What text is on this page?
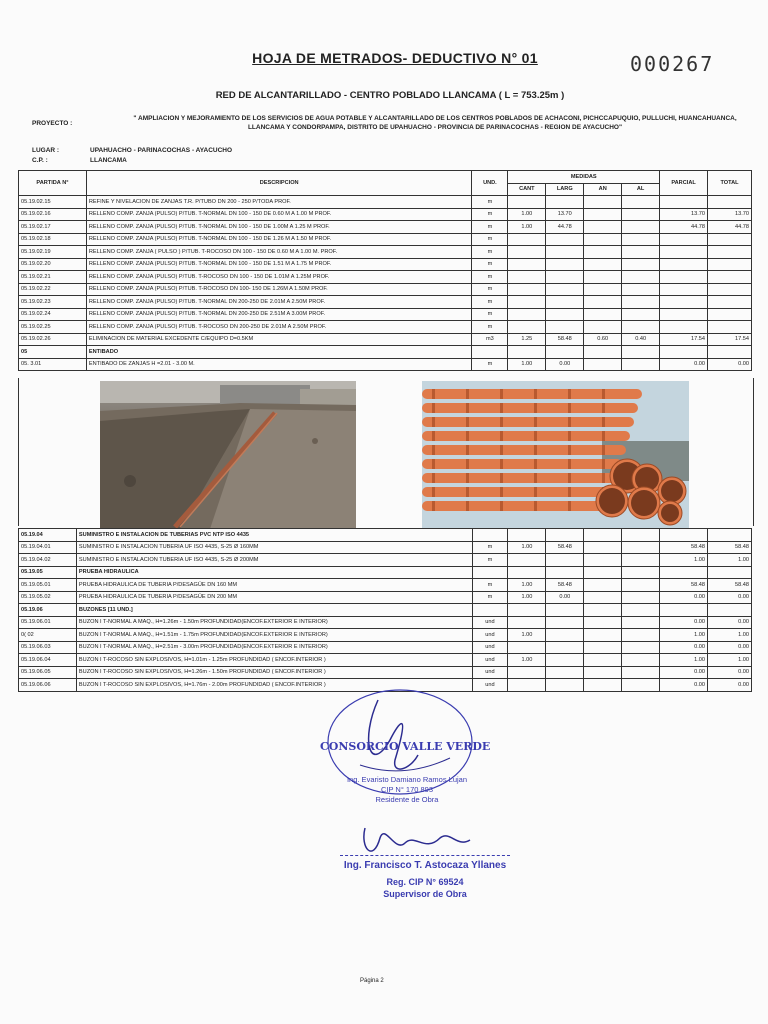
HOJA DE METRADOS- DEDUCTIVO N° 01	000267
RED DE ALCANTARILLADO - CENTRO POBLADO LLANCAMA ( L = 753.25m )
PROYECTO :
" AMPLIACION Y MEJORAMIENTO DE LOS SERVICIOS DE AGUA POTABLE Y ALCANTARILLADO DE LOS CENTROS POBLADOS DE ACHACONI, PICHCCAPUQUIO, PULLUCHI, HUANCAHUANCA, LLANCAMA Y CONDORPAMPA, DISTRITO DE UPAHUACHO - PROVINCIA DE PARINACOCHAS - REGION DE AYACUCHO"
LUGAR :	UPAHUACHO - PARINACOCHAS - AYACUCHO
C.P. :	LLANCAMA
PARTIDA N°	DESCRIPCION	UND.	MEDIDAS				PARCIAL	TOTAL
			CANT	LARG	AN	AL		
05.19.02.15	REFINE Y NIVELACION DE ZANJAS T.R. P/TUBO DN 200 - 250 P/TODA PROF.	m						
05.19.02.16	RELLENO COMP. ZANJA (PULSO) P/TUB. T-NORMAL DN 100 - 150 DE 0.60 M A 1.00 M PROF.	m	1.00	13.70			13.70	13.70
05.19.02.17	RELLENO COMP. ZANJA (PULSO) P/TUB. T-NORMAL DN 100 - 150 DE 1.00M A 1.25 M PROF.	m	1.00	44.78			44.78	44.78
05.19.02.18	RELLENO COMP. ZANJA (PULSO) P/TUB. T-NORMAL DN 100 - 150 DE 1.26 M A 1.50 M PROF.	m						
05.19.02.19	RELLENO COMP. ZANJA ( PULSO ) P/TUB. T-ROCOSO DN 100 - 150 DE 0.60 M A 1.00 M. PROF.	m						
05.19.02.20	RELLENO COMP. ZANJA (PULSO) P/TUB. T-NORMAL DN 100 - 150 DE 1.51 M A 1.75 M PROF.	m						
05.19.02.21	RELLENO COMP. ZANJA (PULSO) P/TUB. T-ROCOSO DN 100 - 150 DE 1.01M A 1.25M PROF.	m						
05.19.02.22	RELLENO COMP. ZANJA (PULSO) P/TUB. T-ROCOSO DN 100- 150 DE 1.26M A 1.50M PROF.	m						
05.19.02.23	RELLENO COMP. ZANJA (PULSO) P/TUB. T-NORMAL DN 200-250 DE 2.01M A 2.50M PROF.	m						
05.19.02.24	RELLENO COMP. ZANJA (PULSO) P/TUB. T-NORMAL DN 200-250 DE 2.51M A 3.00M PROF.	m						
05.19.02.25	RELLENO COMP. ZANJA (PULSO) P/TUB. T-ROCOSO DN 200-250 DE 2.01M A 2.50M PROF.	m						
05.19.02.26	ELIMINACION DE MATERIAL EXCEDENTE C/EQUIPO D=0.5KM	m3	1.25	58.48	0.60	0.40	17.54	17.54
05	ENTIBADO							
05. 3.01	ENTIBADO DE ZANJAS H =2.01 - 3.00 M.	m	1.00	0.00			0.00	0.00
05.19.04	SUMINISTRO E INSTALACION DE TUBERIAS PVC NTP ISO 4435							
05.19.04.01	SUMINISTRO E INSTALACION TUBERIA UF ISO 4435, S-25 Ø 160MM	m	1.00	58.48			58.48	58.48
05.19.04.02	SUMINISTRO E INSTALACION TUBERIA UF ISO 4435, S-25 Ø 200MM	m					1.00	1.00
05.19.05	PRUEBA HIDRAULICA							
05.19.05.01	PRUEBA HIDRAULICA DE TUBERIA P/DESAGÜE DN 160 MM	m	1.00	58.48			58.48	58.48
05.19.05.02	PRUEBA HIDRAULICA DE TUBERIA P/DESAGÜE DN 200 MM	m	1.00	0.00			0.00	0.00
05.19.06	BUZONES [11 UND.]							
05.19.06.01	BUZON I T-NORMAL A MAQ., H=1.26m - 1.50m PROFUNDIDAD(ENCOF.EXTERIOR E INTERIOR)	und					0.00	0.00
0( 02	BUZON I T-NORMAL A MAQ., H=1.51m - 1.75m PROFUNDIDAD(ENCOF.EXTERIOR E INTERIOR)	und	1.00				1.00	1.00
05.19.06.03	BUZON I T-NORMAL A MAQ., H=2.51m - 3.00m PROFUNDIDAD(ENCOF.EXTERIOR E INTERIOR)	und					0.00	0.00
05.19.06.04	BUZON I T-ROCOSO SIN EXPLOSIVOS, H=1.01m - 1.25m PROFUNDIDAD ( ENCOF.INTERIOR )	und	1.00				1.00	1.00
05.19.06.05	BUZON I T-ROCOSO SIN EXPLOSIVOS, H=1.26m - 1.50m PROFUNDIDAD ( ENCOF.INTERIOR )	und					0.00	0.00
05.19.06.06	BUZON I T-ROCOSO SIN EXPLOSIVOS, H=1.76m - 2.00m PROFUNDIDAD ( ENCOF.INTERIOR )	und					0.00	0.00
CONSORCIO VALLE VERDE
Ing. Evaristo Damiano Ramos Lujan
CIP N° 170 893
Residente de Obra
Ing. Francisco T. Astocaza Yllanes
Reg. CIP N° 69524
Supervisor de Obra
Página 2
